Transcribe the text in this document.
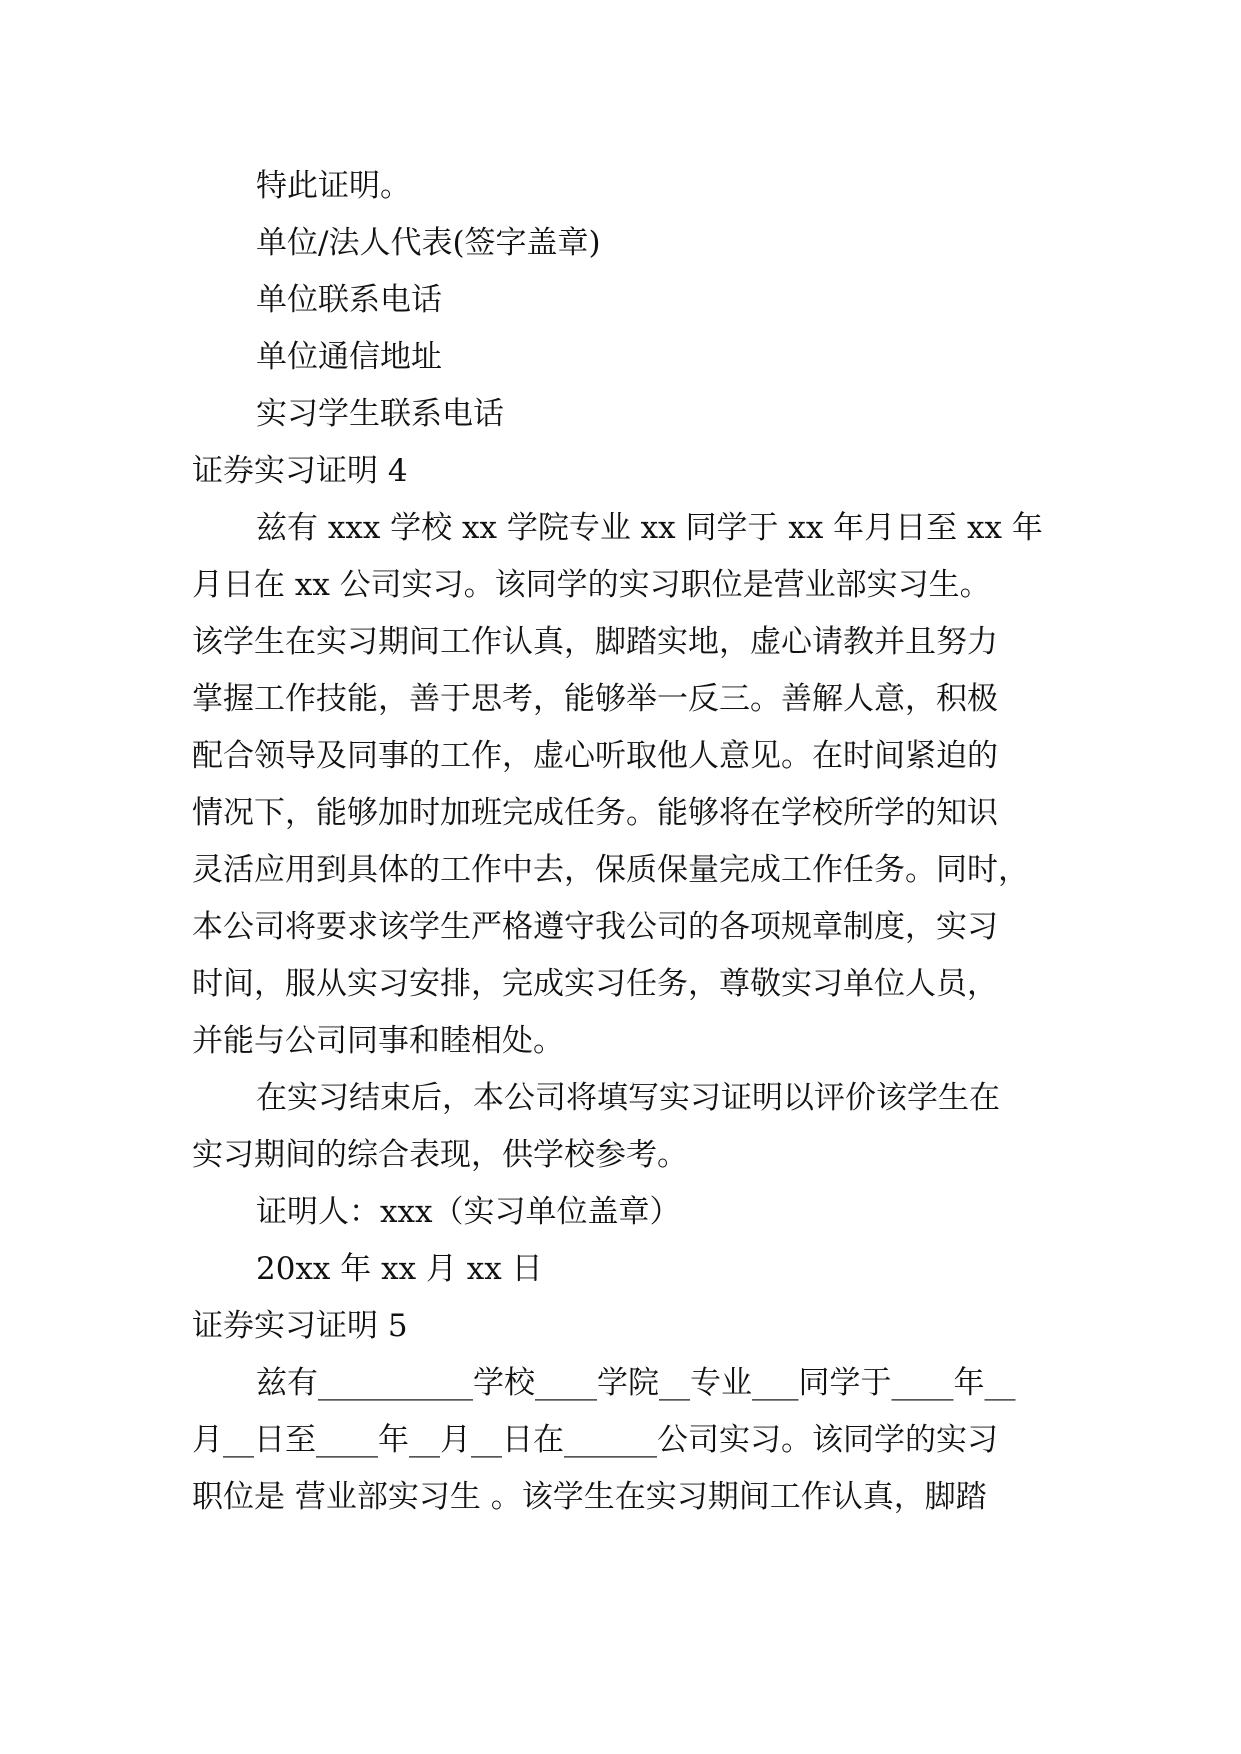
特此证明。
单位/法人代表(签字盖章)
单位联系电话
单位通信地址
实习学生联系电话
证券实习证明 4
兹有 xxx 学校 xx 学院专业 xx 同学于 xx 年月日至 xx 年
月日在 xx 公司实习。该同学的实习职位是营业部实习生。
该学生在实习期间工作认真，脚踏实地，虚心请教并且努力
掌握工作技能，善于思考，能够举一反三。善解人意，积极
配合领导及同事的工作，虚心听取他人意见。在时间紧迫的
情况下，能够加时加班完成任务。能够将在学校所学的知识
灵活应用到具体的工作中去，保质保量完成工作任务。同时，
本公司将要求该学生严格遵守我公司的各项规章制度，实习
时间，服从实习安排，完成实习任务，尊敬实习单位人员，
并能与公司同事和睦相处。
在实习结束后，本公司将填写实习证明以评价该学生在
实习期间的综合表现，供学校参考。
证明人：xxx（实习单位盖章）
20xx 年 xx 月 xx 日
证券实习证明 5
兹有__________学校____学院__专业___同学于____年__
月__日至____年__月__日在______公司实习。该同学的实习
职位是 营业部实习生 。该学生在实习期间工作认真，脚踏
